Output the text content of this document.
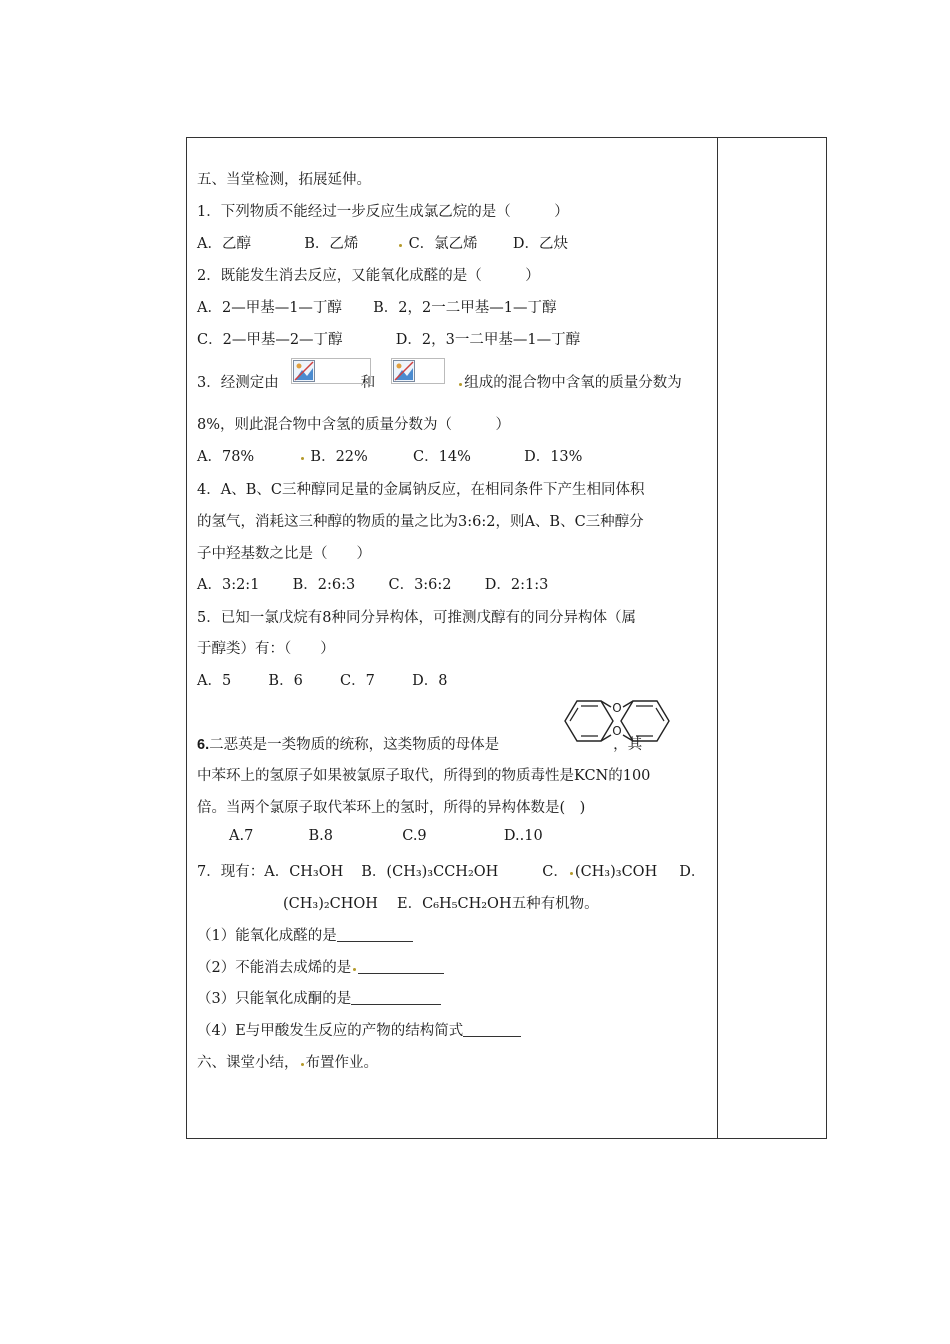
五、当堂检测，拓展延伸。
1．下列物质不能经过一步反应生成氯乙烷的是（　　　）
A．乙醇	B．乙烯	C．氯乙烯 D．乙炔
2．既能发生消去反应，又能氧化成醛的是（　　　）
A．2—甲基—1—丁醇 B．2，2一二甲基—1—丁醇
C．2—甲基—2—丁醇	D．2，3一二甲基—1—丁醇
3．经测定由	和	组成的混合物中含氧的质量分数为
8%，则此混合物中含氢的质量分数为（　　　）
A．78%	B．22%	C．14%	D．13%
4．A、B、C三种醇同足量的金属钠反应，在相同条件下产生相同体积
的氢气，消耗这三种醇的物质的量之比为3:6:2，则A、B、C三种醇分
子中羟基数之比是（　　）
A．3:2:1 B．2:6:3 C．3:6:2 D．2:1:3
5．已知一氯戊烷有8种同分异构体，可推测戊醇有的同分异构体（属
于醇类）有：（　　）
A．5	B．6	C．7	D．8
6.二恶英是一类物质的统称，这类物质的母体是	，其
O
O
中苯环上的氢原子如果被氯原子取代，所得到的物质毒性是KCN的100
倍。当两个氯原子取代苯环上的氢时，所得的异构体数是(　)
A.7	B.8	C.9	D..10
7．现有：A．CH₃OH B．(CH₃)₃CCH₂OH	C． (CH₃)₃COH D．
(CH₃)₂CHOH　 E．C₆H₅CH₂OH五种有机物。
（1）能氧化成醛的是
（2）不能消去成烯的是
（3）只能氧化成酮的是
（4）E与甲酸发生反应的产物的结构简式
六、课堂小结， 布置作业。
